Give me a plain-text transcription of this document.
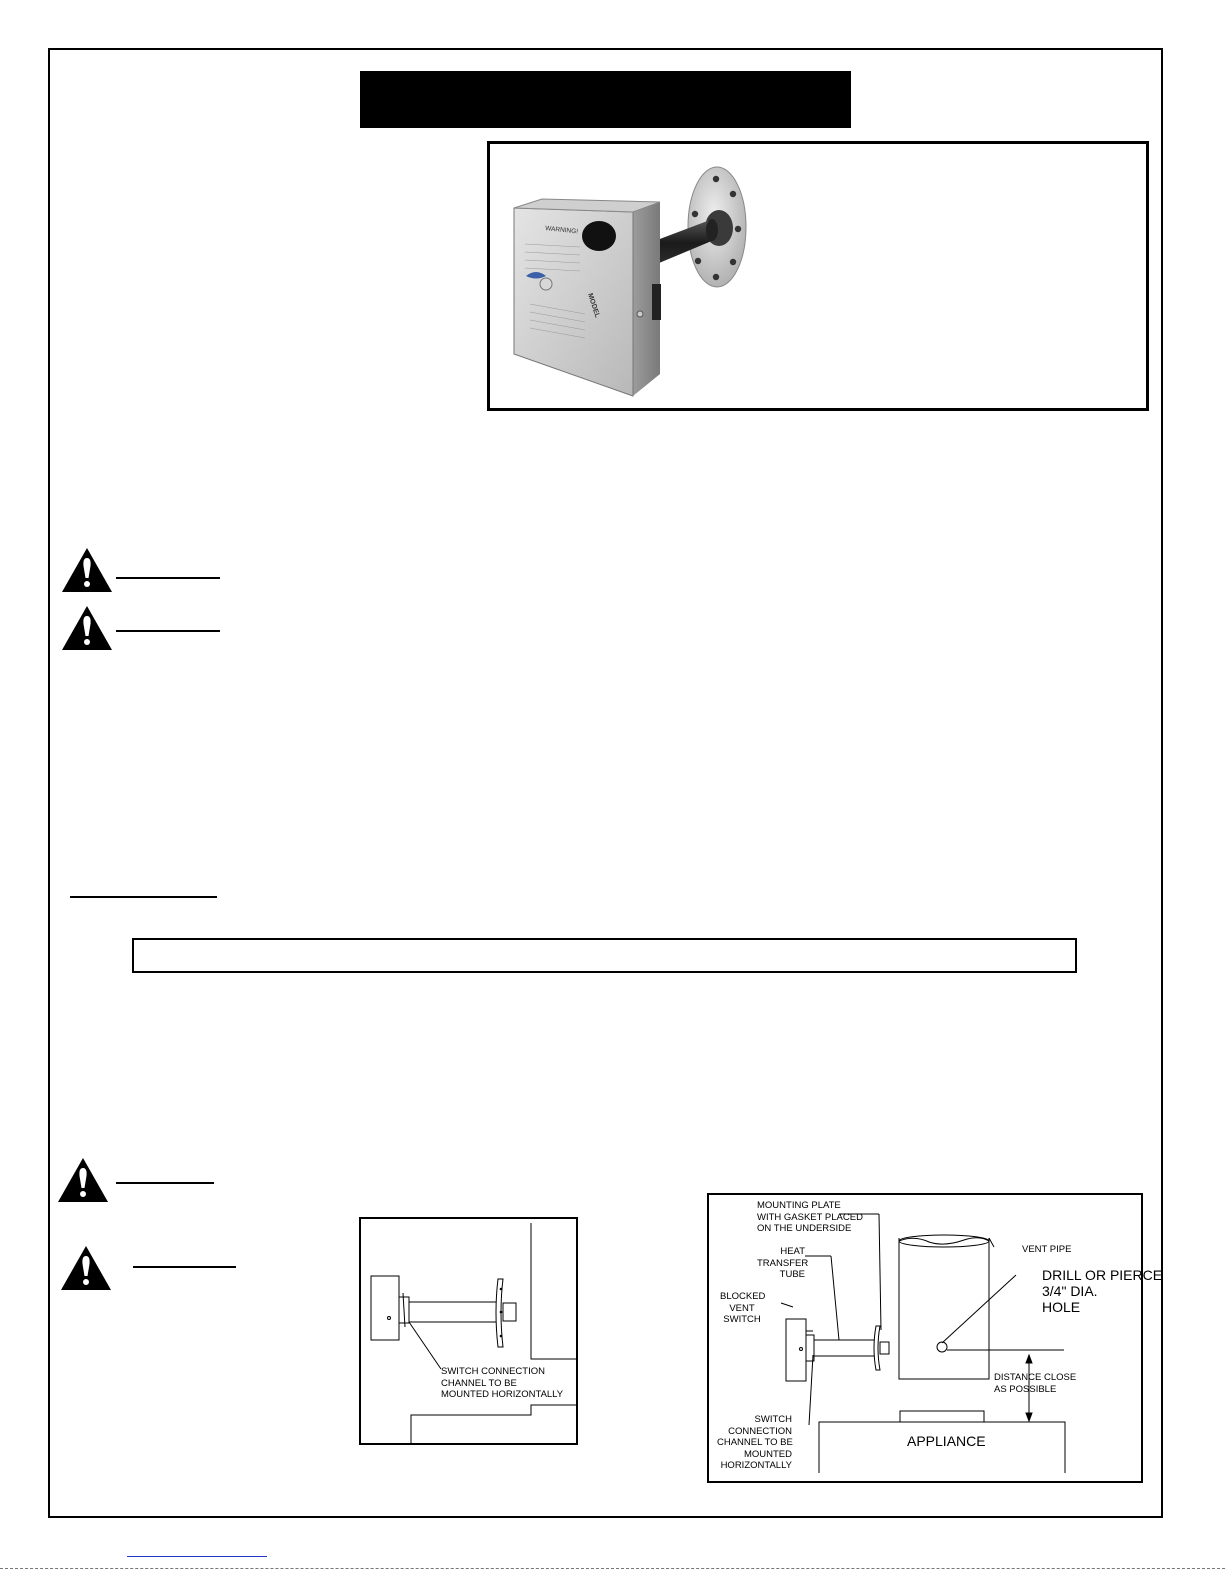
WARNING!
MODEL
SWITCH CONNECTION
CHANNEL TO BE
MOUNTED HORIZONTALLY
MOUNTING PLATE
WITH GASKET PLACED
ON THE UNDERSIDE
HEAT
TRANSFER
TUBE
BLOCKED
VENT
SWITCH
SWITCH
CONNECTION
CHANNEL TO BE
MOUNTED
HORIZONTALLY
VENT PIPE
DRILL OR PIERCE
3/4" DIA.
HOLE
DISTANCE CLOSE
AS POSSIBLE
APPLIANCE
